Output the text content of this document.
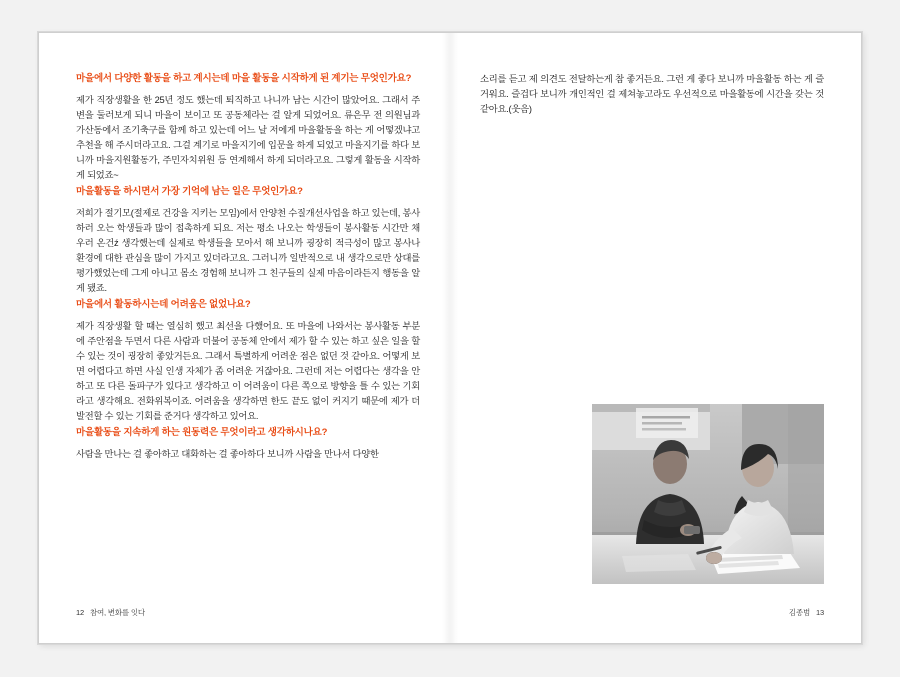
마을에서 다양한 활동을 하고 계시는데 마을 활동을 시작하게 된 계기는 무엇인가요?

제가 직장생활을 한 25년 정도 했는데 퇴직하고 나니까 남는 시간이 많았어요. 그래서 주변을 둘러보게 되니 마을이 보이고 또 공동체라는 걸 알게 되었어요. 류은무 전 의원님과 가산동에서 조기축구를 함께 하고 있는데 어느 날 저에게 마을활동을 하는 게 어떻겠냐고 추천을 해 주시더라고요. 그걸 계기로 마을지기에 입문을 하게 되었고 마을지기를 하다 보니까 마을지원활동가, 주민자치위원 등 연계해서 하게 되더라고요. 그렇게 활동을 시작하게 되었죠~

마을활동을 하시면서 가장 기억에 남는 일은 무엇인가요?

저희가 절기모(절제로 건강을 지키는 모임)에서 안양천 수질개선사업을 하고 있는데, 봉사하러 오는 학생들과 많이 접촉하게 되요. 저는 평소 나오는 학생들이 봉사활동 시간만 채우러 온건ź 생각했는데 실제로 학생들을 모아서 해 보니까 굉장히 적극성이 많고 봉사나 환경에 대한 관심을 많이 가지고 있더라고요. 그러니까 일반적으로 내 생각으로만 상대를 평가했었는데 그게 아니고 몸소 경험해 보니까 그 친구들의 실제 마음이라든지 행동을 알게 됐죠.

마을에서 활동하시는데 어려움은 없었나요?

제가 직장생활 할 때는 열심히 했고 최선을 다했어요. 또 마을에 나와서는 봉사활동 부분에 주안점을 두면서 다른 사람과 더불어 공동체 안에서 제가 할 수 있는 하고 싶은 일을 할 수 있는 것이 굉장히 좋았거든요. 그래서 특별하게 어려운 점은 없던 것 같아요. 어떻게 보면 어렵다고 하면 사실 인생 자체가 좀 어려운 거잖아요. 그런데 저는 어렵다는 생각을 안하고 또 다른 돌파구가 있다고 생각하고 이 어려움이 다른 쪽으로 방향을 틀 수 있는 기회라고 생각해요. 전화위복이죠. 어려움을 생각하면 한도 끝도 없이 커지기 때문에 제가 더 발전할 수 있는 기회를 준거다 생각하고 있어요.

마을활동을 지속하게 하는 원동력은 무엇이라고 생각하시나요?

사람을 만나는 걸 좋아하고 대화하는 걸 좋아하다 보니까 사람을 만나서 다양한

12 참여, 변화를 잇다

소리를 듣고 제 의견도 전달하는게 참 좋거든요. 그런 게 좋다 보니까 마을활동 하는 게 즐거워요. 즐겁다 보니까 개인적인 걸 제쳐놓고라도 우선적으로 마을활동에 시간을 갖는 것 같아요.(웃음)

김종범 13
